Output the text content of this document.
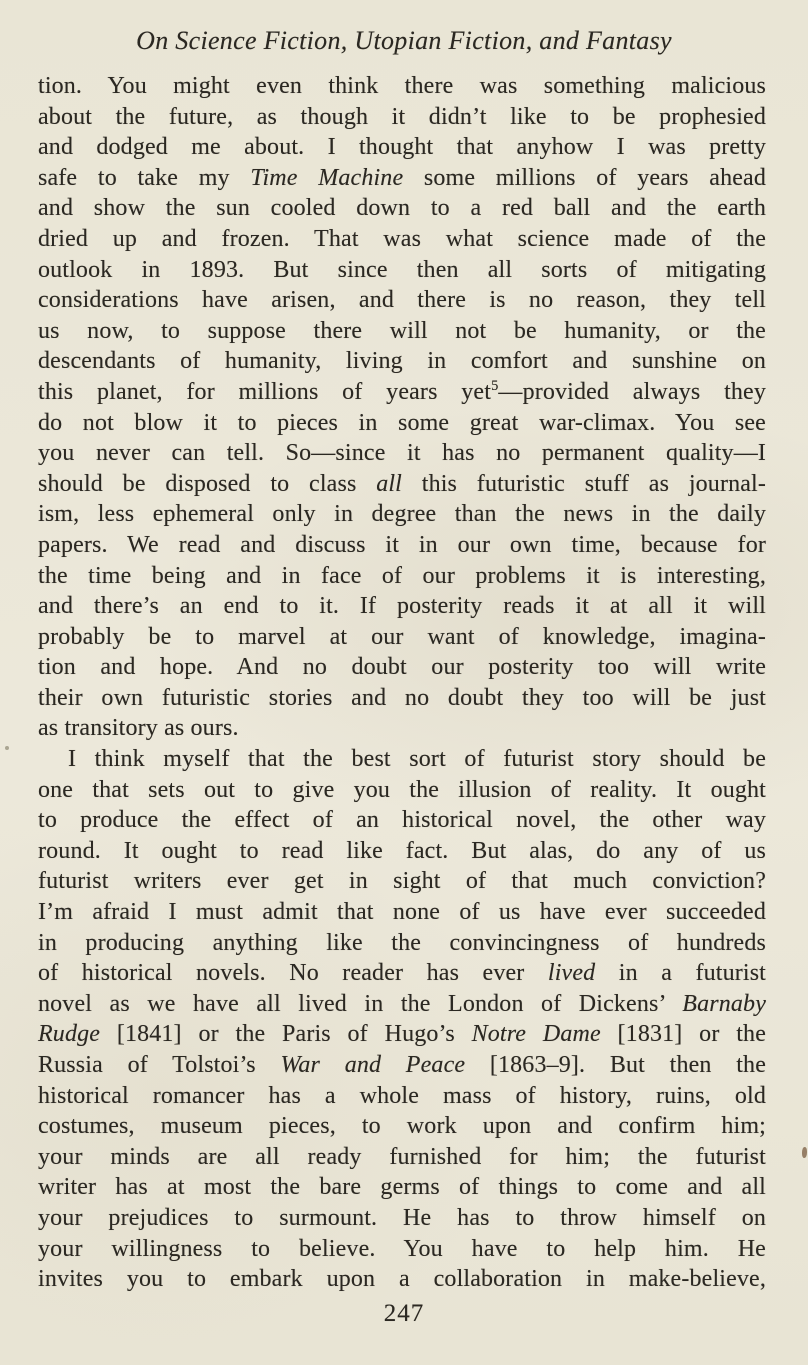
On Science Fiction, Utopian Fiction, and Fantasy
tion. You might even think there was something malicious
about the future, as though it didn’t like to be prophesied
and dodged me about. I thought that anyhow I was pretty
safe to take my Time Machine some millions of years ahead
and show the sun cooled down to a red ball and the earth
dried up and frozen. That was what science made of the
outlook in 1893. But since then all sorts of mitigating
considerations have arisen, and there is no reason, they tell
us now, to suppose there will not be humanity, or the
descendants of humanity, living in comfort and sunshine on
this planet, for millions of years yet$^5$—provided always they
do not blow it to pieces in some great war-climax. You see
you never can tell. So—since it has no permanent quality—I
should be disposed to class all this futuristic stuff as journal-
ism, less ephemeral only in degree than the news in the daily
papers. We read and discuss it in our own time, because for
the time being and in face of our problems it is interesting,
and there’s an end to it. If posterity reads it at all it will
probably be to marvel at our want of knowledge, imagina-
tion and hope. And no doubt our posterity too will write
their own futuristic stories and no doubt they too will be just
as transitory as ours.
I think myself that the best sort of futurist story should be
one that sets out to give you the illusion of reality. It ought
to produce the effect of an historical novel, the other way
round. It ought to read like fact. But alas, do any of us
futurist writers ever get in sight of that much conviction?
I’m afraid I must admit that none of us have ever succeeded
in producing anything like the convincingness of hundreds
of historical novels. No reader has ever lived in a futurist
novel as we have all lived in the London of Dickens’ Barnaby
Rudge [1841] or the Paris of Hugo’s Notre Dame [1831] or the
Russia of Tolstoi’s War and Peace [1863–9]. But then the
historical romancer has a whole mass of history, ruins, old
costumes, museum pieces, to work upon and confirm him;
your minds are all ready furnished for him; the futurist
writer has at most the bare germs of things to come and all
your prejudices to surmount. He has to throw himself on
your willingness to believe. You have to help him. He
invites you to embark upon a collaboration in make-believe,
247
